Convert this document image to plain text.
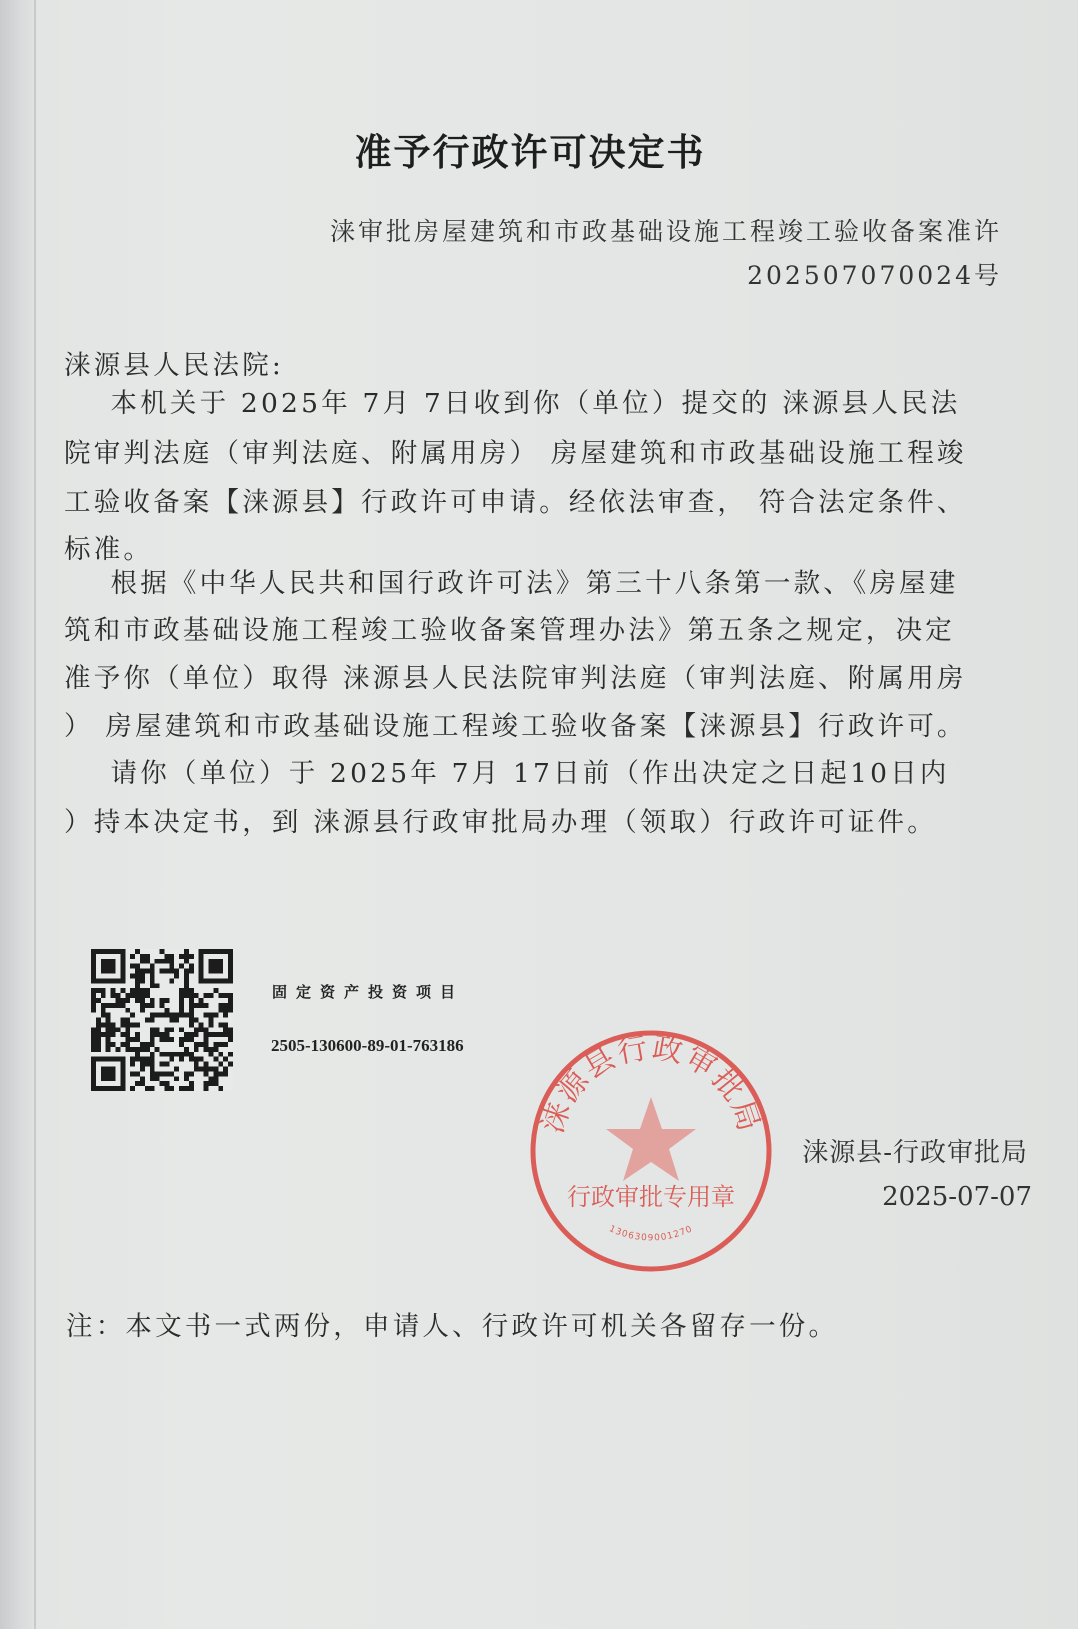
准予行政许可决定书
涞审批房屋建筑和市政基础设施工程竣工验收备案准许
202507070024号
涞源县人民法院:
本机关于 2025年 7月 7日收到你（单位）提交的 涞源县人民法
院审判法庭（审判法庭、附属用房） 房屋建筑和市政基础设施工程竣
工验收备案【涞源县】行政许可申请。经依法审查， 符合法定条件、
标准。
根据《中华人民共和国行政许可法》第三十八条第一款、《房屋建
筑和市政基础设施工程竣工验收备案管理办法》第五条之规定，决定
准予你（单位）取得 涞源县人民法院审判法庭（审判法庭、附属用房
） 房屋建筑和市政基础设施工程竣工验收备案【涞源县】行政许可。
请你（单位）于 2025年 7月 17日前（作出决定之日起10日内
）持本决定书，到 涞源县行政审批局办理（领取）行政许可证件。
固定资产投资项目
2505-130600-89-01-763186
涞源县行政审批局
行政审批专用章
1306309001270
涞源县-行政审批局
2025-07-07
注：本文书一式两份，申请人、行政许可机关各留存一份。
